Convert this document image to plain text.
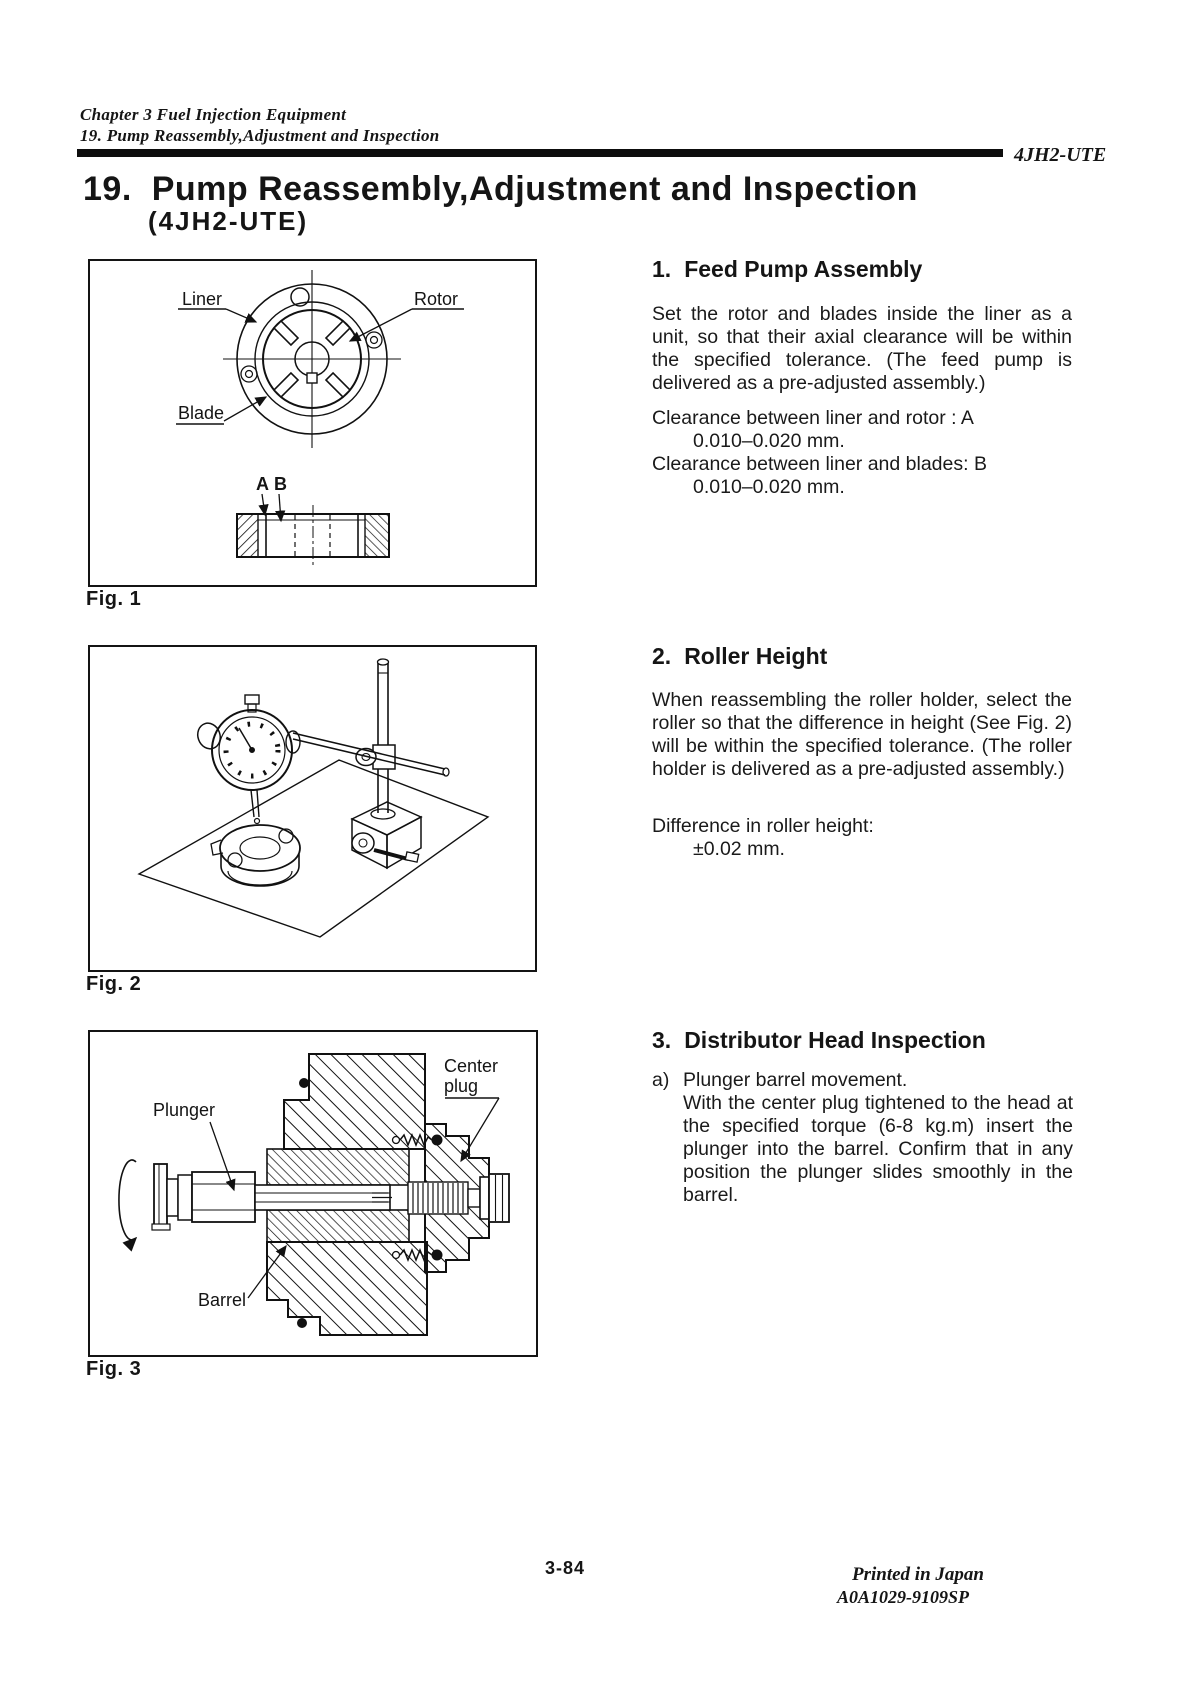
Chapter 3 Fuel Injection Equipment
19. Pump Reassembly,Adjustment and Inspection
4JH2-UTE
19. Pump Reassembly,Adjustment and Inspection
(4JH2-UTE)
Liner	Rotor
Blade
A B
Fig. 1
Fig. 2
Plunger
Center
plug
Barrel
Fig. 3
1. Feed Pump Assembly
Set the rotor and blades inside the liner as a unit, so that their axial clearance will be within the specified tolerance. (The feed pump is delivered as a pre-adjusted assembly.)
Clearance between liner and rotor : A
0.010–0.020 mm.
Clearance between liner and blades: B
0.010–0.020 mm.
2. Roller Height
When reassembling the roller holder, select the roller so that the difference in height (See Fig. 2) will be within the specified tolerance. (The roller holder is delivered as a pre-adjusted assembly.)
Difference in roller height:
±0.02 mm.
3. Distributor Head Inspection
a) Plunger barrel movement.
With the center plug tightened to the head at the specified torque (6-8 kg.m) insert the plunger into the barrel. Confirm that in any position the plunger slides smoothly in the barrel.
3-84	Printed in Japan
A0A1029-9109SP
